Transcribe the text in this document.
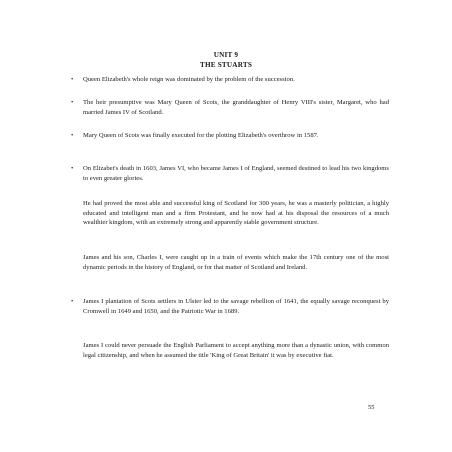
UNIT 9
THE STUARTS
•	Queen Elizabeth's whole reign was dominated by the problem of the succession.
•	The heir presumptive was Mary Queen of Scots, the granddaughter of Henry VIII's sister, Margaret, who had married James IV of Scotland.
•	Mary Queen of Scots was finally executed for the plotting Elizabeth's overthrow in 1587.
•	On Elizabet's death in 1603, James VI, who became James I of England, seemed destined to lead his two kingdoms to even greater glories.
He had proved the most able and successful king of Scotland for 300 years, he was a masterly politician, a highly educated and intelligent man and a firm Protestant, and he now had at his disposal the resources of a much wealthier kingdom, with an extremely strong and apparently stable government structure.
James and his son, Charles I, were caught up in a train of events which make the 17th century one of the most dynamic periods in the history of England, or for that matter of Scotland and Ireland.
•	James I plantation of Scots settlers in Ulster led to the savage rebellion of 1641, the equally savage reconquest by Cromwell in 1649 and 1650, and the Patriotic War in 1689.
James I could never persuade the English Parliament to accept anything more than a dynastic union, with common legal citizenship, and when he assumed the title 'King of Great Britain' it was by executive fiat.
55
